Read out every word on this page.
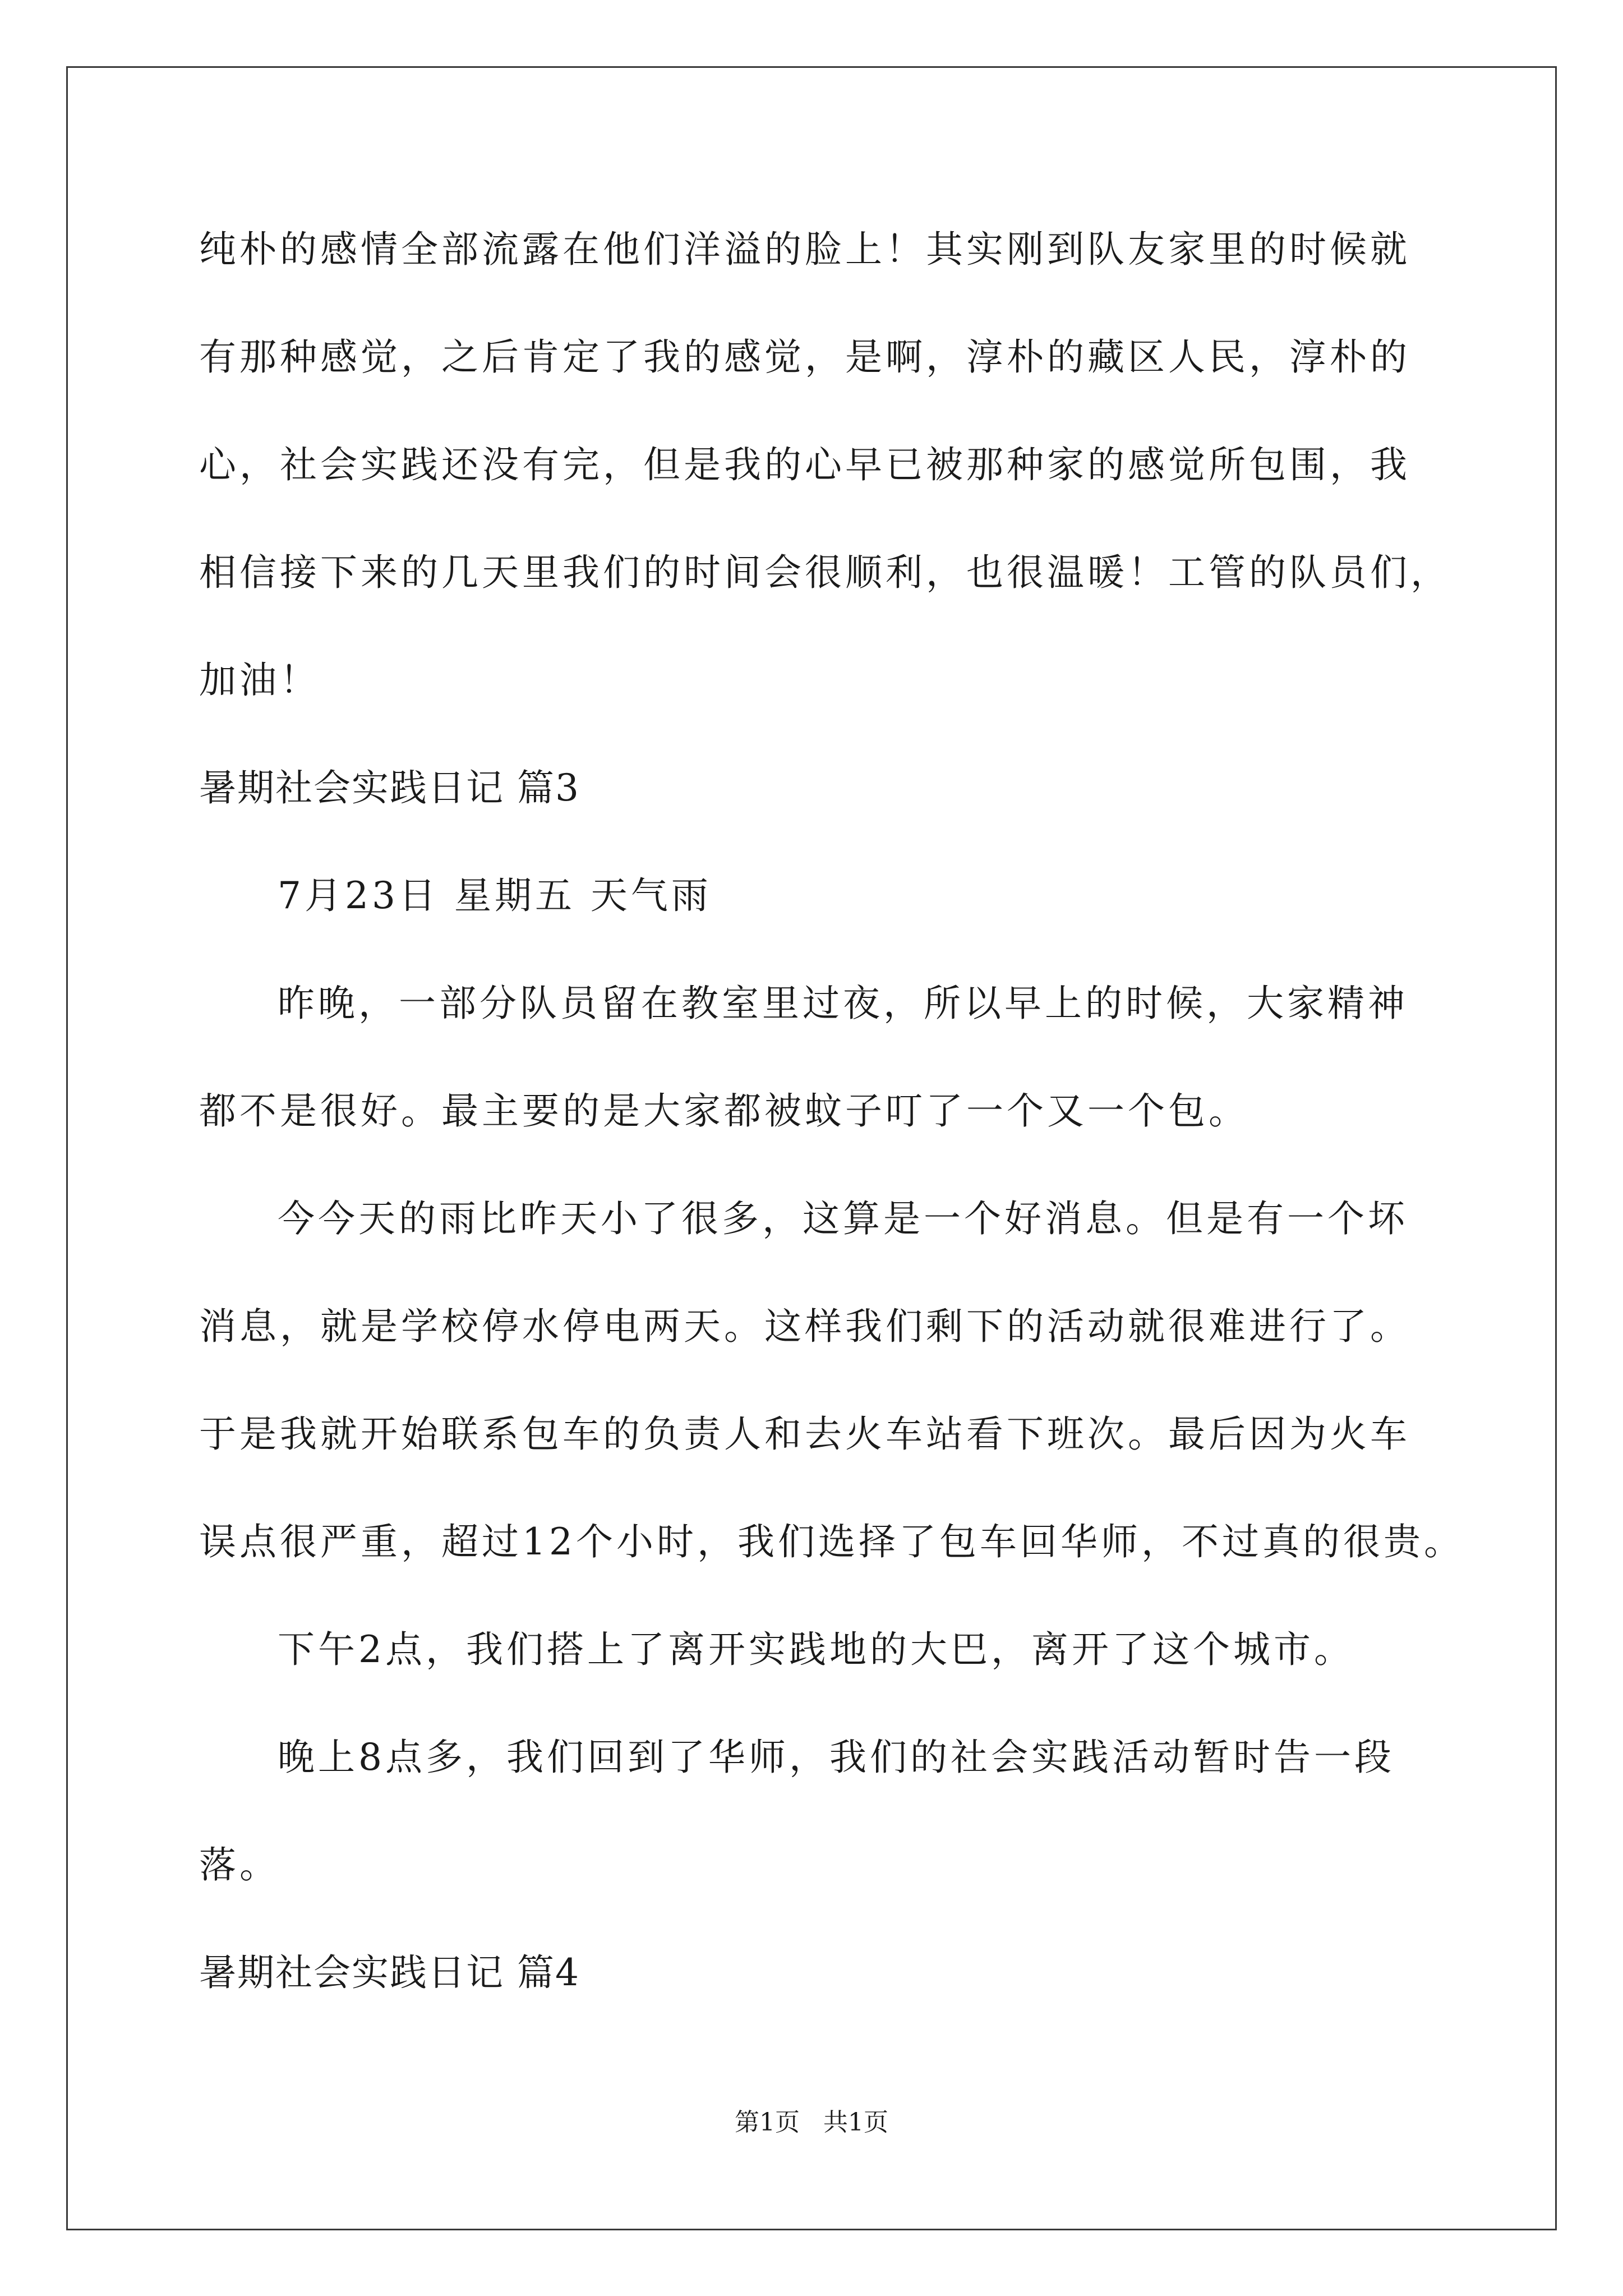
纯朴的感情全部流露在他们洋溢的脸上！其实刚到队友家里的时候就
有那种感觉，之后肯定了我的感觉，是啊，淳朴的藏区人民，淳朴的
心，社会实践还没有完，但是我的心早已被那种家的感觉所包围，我
相信接下来的几天里我们的时间会很顺利，也很温暖！工管的队员们，
加油！
暑期社会实践日记 篇3
7月23日 星期五 天气雨
昨晚，一部分队员留在教室里过夜，所以早上的时候，大家精神
都不是很好。最主要的是大家都被蚊子叮了一个又一个包。
今今天的雨比昨天小了很多，这算是一个好消息。但是有一个坏
消息，就是学校停水停电两天。这样我们剩下的活动就很难进行了。
于是我就开始联系包车的负责人和去火车站看下班次。最后因为火车
误点很严重，超过12个小时，我们选择了包车回华师，不过真的很贵。
下午2点，我们搭上了离开实践地的大巴，离开了这个城市。
晚上8点多，我们回到了华师，我们的社会实践活动暂时告一段
落。
暑期社会实践日记 篇4
第1页   共1页
